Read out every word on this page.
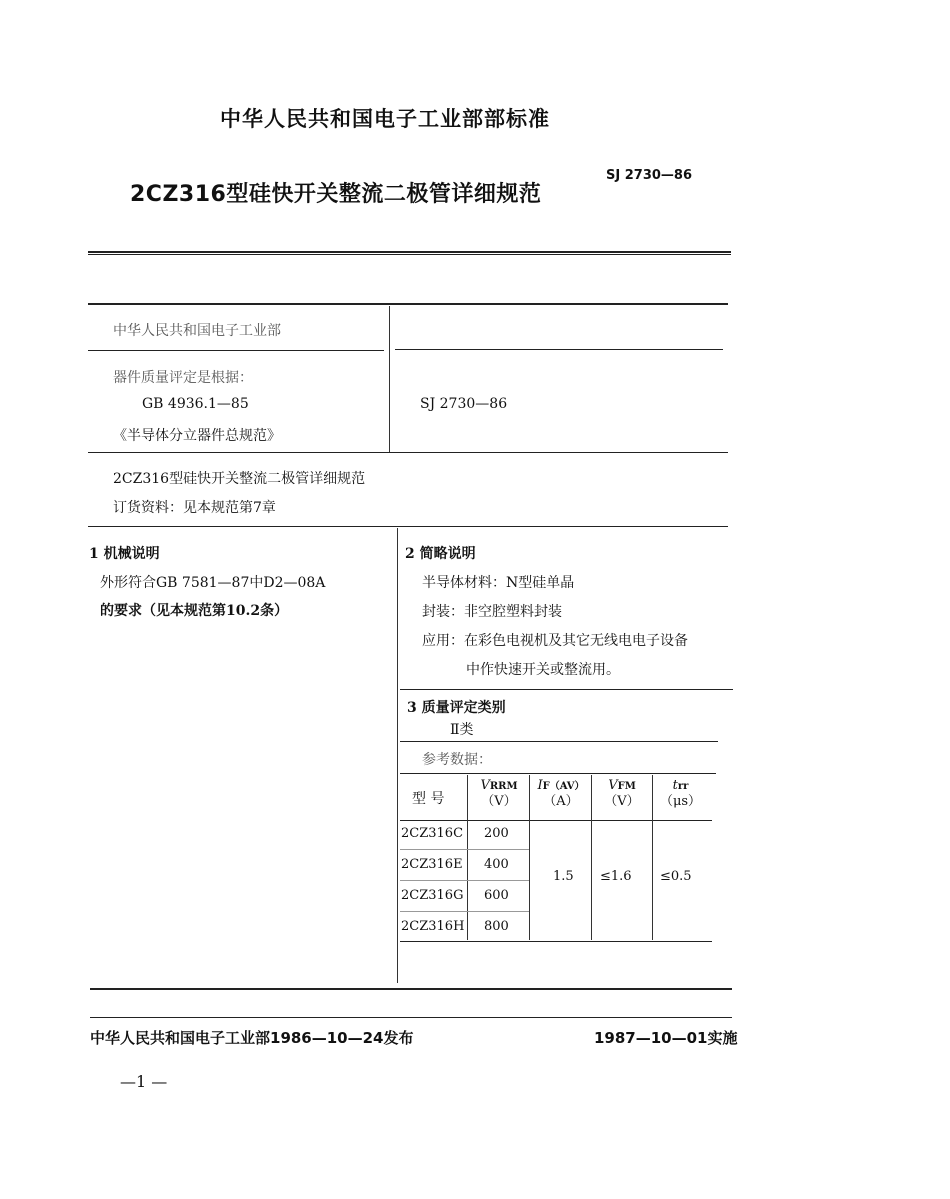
中华人民共和国电子工业部部标准
2CZ316型硅快开关整流二极管详细规范
SJ 2730—86
中华人民共和国电子工业部
器件质量评定是根据：
GB 4936.1—85
《半导体分立器件总规范》
SJ 2730—86
2CZ316型硅快开关整流二极管详细规范
订货资料：见本规范第7章
1 机械说明
外形符合GB 7581—87中D2—08A
的要求（见本规范第10.2条）
2 简略说明
半导体材料：N型硅单晶
封装：非空腔塑料封装
应用：在彩色电视机及其它无线电电子设备
中作快速开关或整流用。
3 质量评定类别
Ⅱ类
参考数据：
型 号
VRRM
（V）
IF（AV）
（A）
VFM
（V）
trr
（μs）
2CZ316C 200
2CZ316E 400
2CZ316G 600
2CZ316H 800
1.5 ≤1.6 ≤0.5
中华人民共和国电子工业部1986—10—24发布	1987—10—01实施
—1 —
